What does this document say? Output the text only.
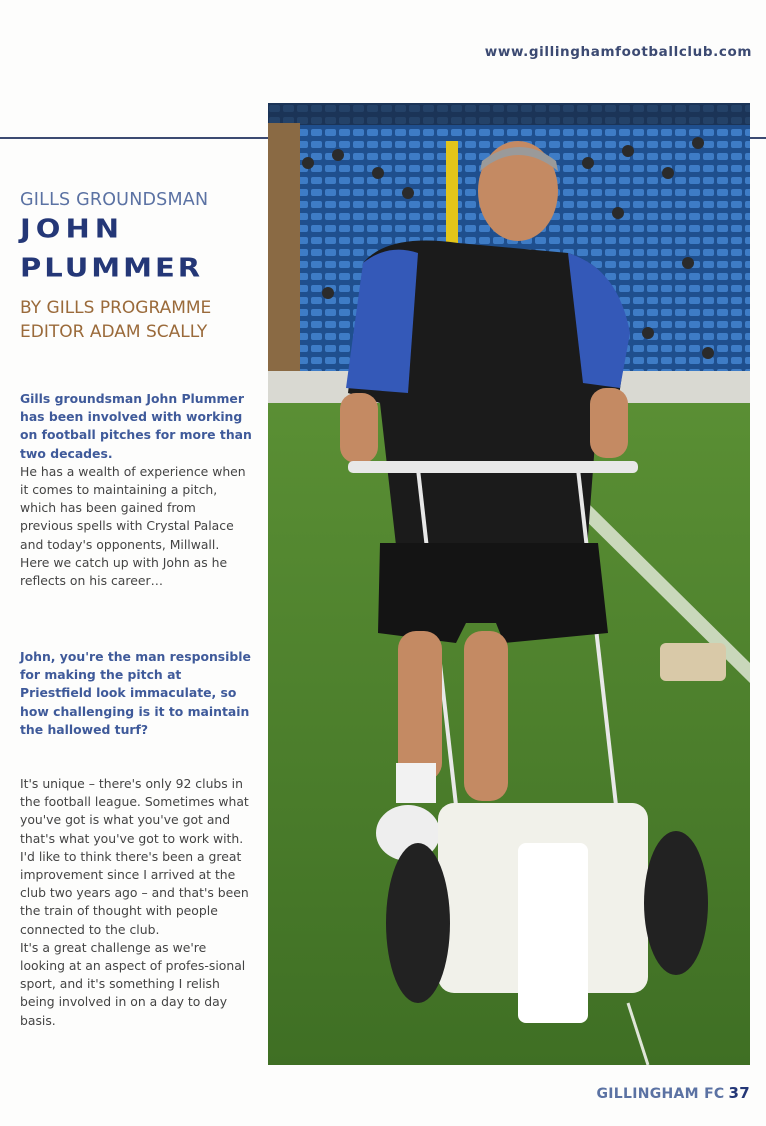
www.gillinghamfootballclub.com
GILLS GROUNDSMAN
JOHN
PLUMMER
BY GILLS PROGRAMME
EDITOR ADAM SCALLY

Gills groundsman John Plummer has been involved with working on football pitches for more than two decades.

He has a wealth of experience when it comes to maintaining a pitch, which has been gained from previous spells with Crystal Palace and today's opponents, Millwall.

Here we catch up with John as he reflects on his career…

John, you're the man responsible for making the pitch at Priestfield look immaculate, so how challenging is it to maintain the hallowed turf?

It's unique – there's only 92 clubs in the football league. Sometimes what you've got is what you've got and that's what you've got to work with.

I'd like to think there's been a great improvement since I arrived at the club two years ago – and that's been the train of thought with people connected to the club.

It's a great challenge as we're looking at an aspect of profes-sional sport, and it's something I relish being involved in on a day to day basis.

GILLINGHAM FC 37
